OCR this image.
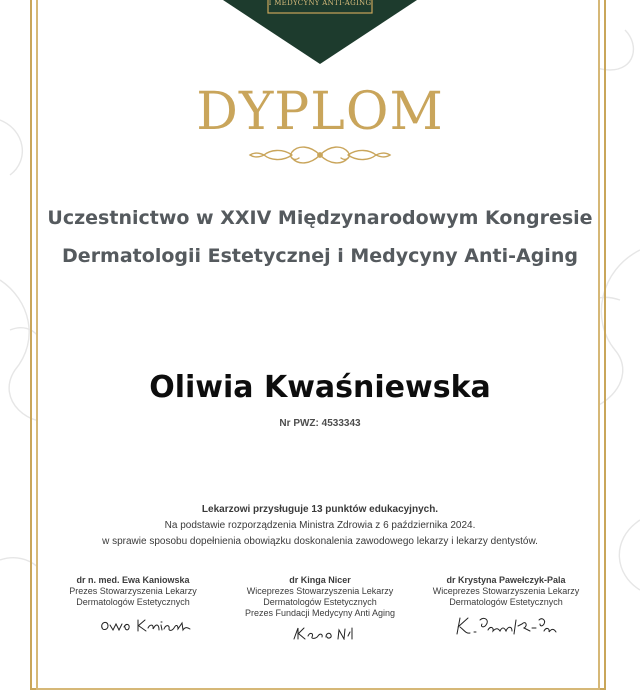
I MEDYCYNY ANTI-AGING
DYPLOM
Uczestnictwo w XXIV Międzynarodowym Kongresie
Dermatologii Estetycznej i Medycyny Anti-Aging
Oliwia Kwaśniewska
Nr PWZ: 4533343
Lekarzowi przysługuje 13 punktów edukacyjnych.
Na podstawie rozporządzenia Ministra Zdrowia z 6 października 2024.
w sprawie sposobu dopełnienia obowiązku doskonalenia zawodowego lekarzy i lekarzy dentystów.
dr n. med. Ewa Kaniowska
Prezes Stowarzyszenia Lekarzy
Dermatologów Estetycznych
dr Kinga Nicer
Wiceprezes Stowarzyszenia Lekarzy
Dermatologów Estetycznych
Prezes Fundacji Medycyny Anti Aging
dr Krystyna Pawełczyk-Pala
Wiceprezes Stowarzyszenia Lekarzy
Dermatologów Estetycznych
